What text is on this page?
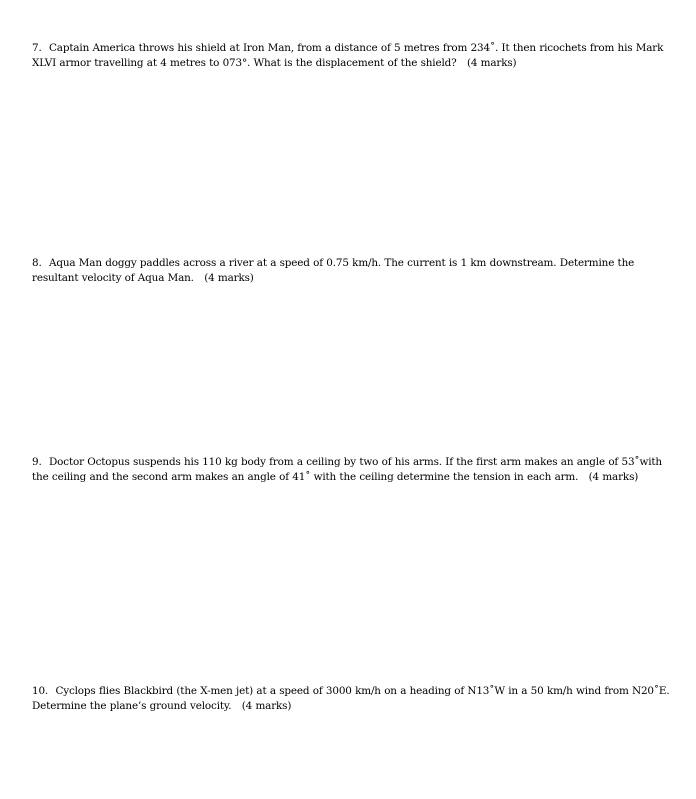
7. Captain America throws his shield at Iron Man, from a distance of 5 metres from 234˚. It then ricochets from his Mark XLVI armor travelling at 4 metres to 073°. What is the displacement of the shield? (4 marks)
8. Aqua Man doggy paddles across a river at a speed of 0.75 km/h. The current is 1 km downstream. Determine the resultant velocity of Aqua Man. (4 marks)
9. Doctor Octopus suspends his 110 kg body from a ceiling by two of his arms. If the first arm makes an angle of 53˚with the ceiling and the second arm makes an angle of 41˚ with the ceiling determine the tension in each arm. (4 marks)
10. Cyclops flies Blackbird (the X-men jet) at a speed of 3000 km/h on a heading of N13˚W in a 50 km/h wind from N20˚E. Determine the plane’s ground velocity. (4 marks)
